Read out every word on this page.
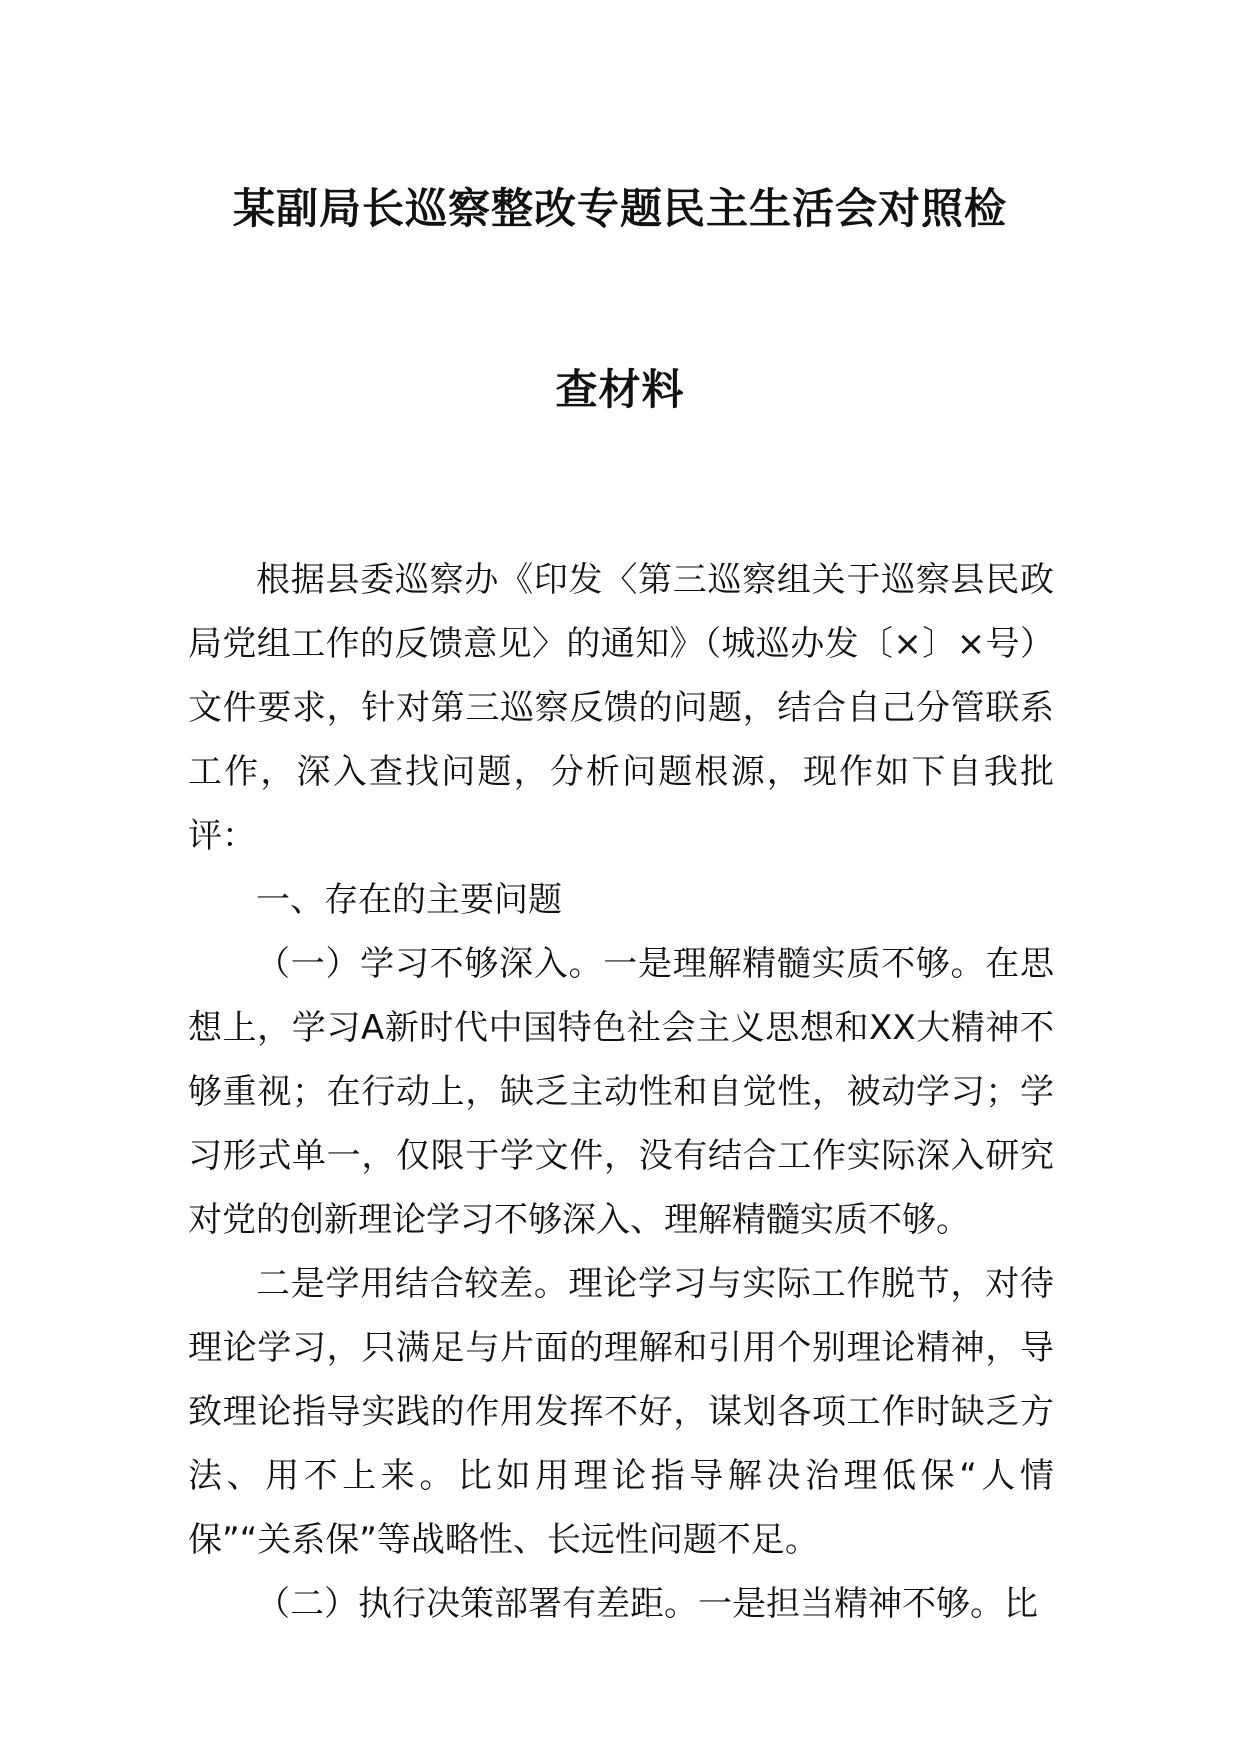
某副局长巡察整改专题民主生活会对照检
查材料

根据县委巡察办《印发〈第三巡察组关于巡察县民政局党组工作的反馈意见〉的通知》（城巡办发〔×〕×号）文件要求，针对第三巡察反馈的问题，结合自己分管联系工作，深入查找问题，分析问题根源，现作如下自我批评：

一、存在的主要问题

（一）学习不够深入。一是理解精髓实质不够。在思想上，学习A新时代中国特色社会主义思想和XX大精神不够重视；在行动上，缺乏主动性和自觉性，被动学习；学习形式单一，仅限于学文件，没有结合工作实际深入研究对党的创新理论学习不够深入、理解精髓实质不够。

二是学用结合较差。理论学习与实际工作脱节，对待理论学习，只满足与片面的理解和引用个别理论精神，导致理论指导实践的作用发挥不好，谋划各项工作时缺乏方法、用不上来。比如用理论指导解决治理低保“人情保”“关系保”等战略性、长远性问题不足。

（二）执行决策部署有差距。一是担当精神不够。比
